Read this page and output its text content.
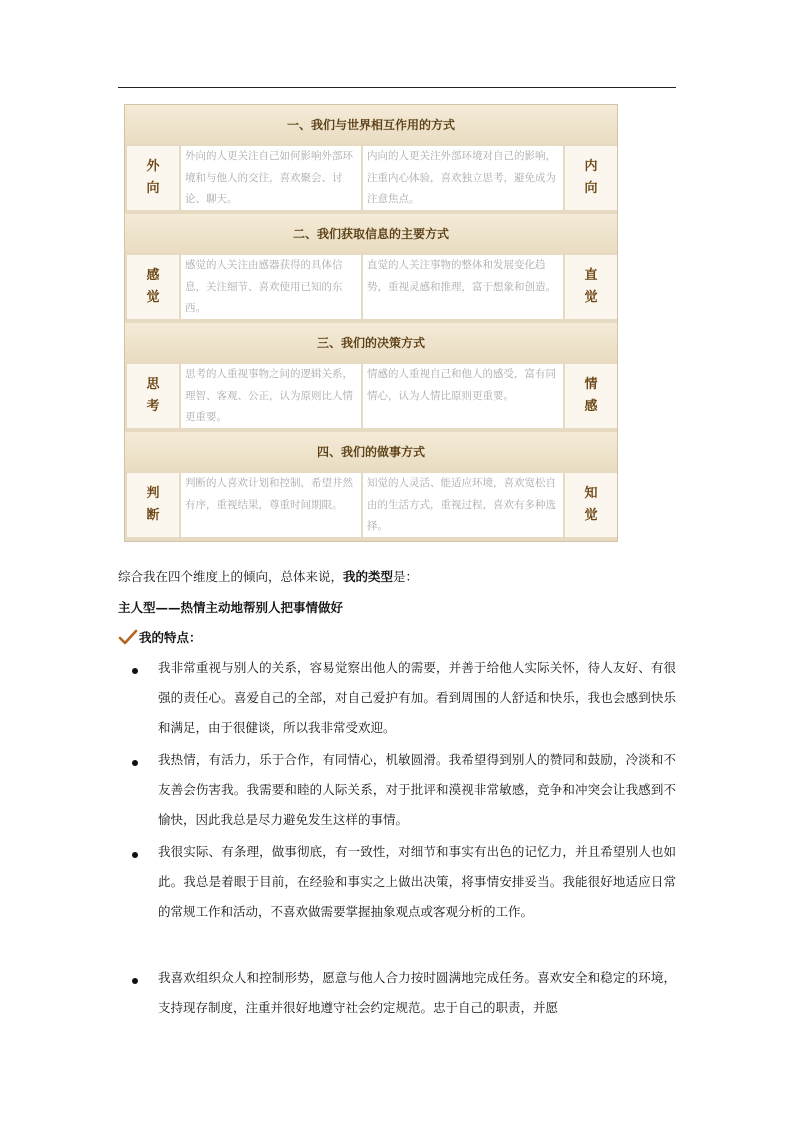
一、我们与世界相互作用的方式
外
向
外向的人更关注自己如何影响外部环境和与他人的交往，喜欢聚会、讨论、聊天。
内向的人更关注外部环境对自己的影响，注重内心体验，喜欢独立思考，避免成为注意焦点。
内
向
二、我们获取信息的主要方式
感
觉
感觉的人关注由感器获得的具体信息，关注细节、喜欢使用已知的东西。
直觉的人关注事物的整体和发展变化趋势，重视灵感和推理，富于想象和创造。
直
觉
三、我们的决策方式
思
考
思考的人重视事物之间的逻辑关系，理智、客观、公正，认为原则比人情更重要。
情感的人重视自己和他人的感受，富有同情心，认为人情比原则更重要。
情
感
四、我们的做事方式
判
断
判断的人喜欢计划和控制，希望井然有序，重视结果，尊重时间期限。
知觉的人灵活、能适应环境，喜欢宽松自由的生活方式，重视过程，喜欢有多种选择。
知
觉
综合我在四个维度上的倾向，总体来说，我的类型是：
主人型——热情主动地帮别人把事情做好
我的特点：
我非常重视与别人的关系，容易觉察出他人的需要，并善于给他人实际关怀，待人友好、有很强的责任心。喜爱自己的全部，对自己爱护有加。看到周围的人舒适和快乐，我也会感到快乐和满足，由于很健谈，所以我非常受欢迎。
我热情，有活力，乐于合作，有同情心，机敏圆滑。我希望得到别人的赞同和鼓励，冷淡和不友善会伤害我。我需要和睦的人际关系，对于批评和漠视非常敏感，竞争和冲突会让我感到不愉快，因此我总是尽力避免发生这样的事情。
我很实际、有条理，做事彻底，有一致性，对细节和事实有出色的记忆力，并且希望别人也如此。我总是着眼于目前，在经验和事实之上做出决策，将事情安排妥当。我能很好地适应日常的常规工作和活动，不喜欢做需要掌握抽象观点或客观分析的工作。
我喜欢组织众人和控制形势，愿意与他人合力按时圆满地完成任务。喜欢安全和稳定的环境，支持现存制度，注重并很好地遵守社会约定规范。忠于自己的职责，并愿
